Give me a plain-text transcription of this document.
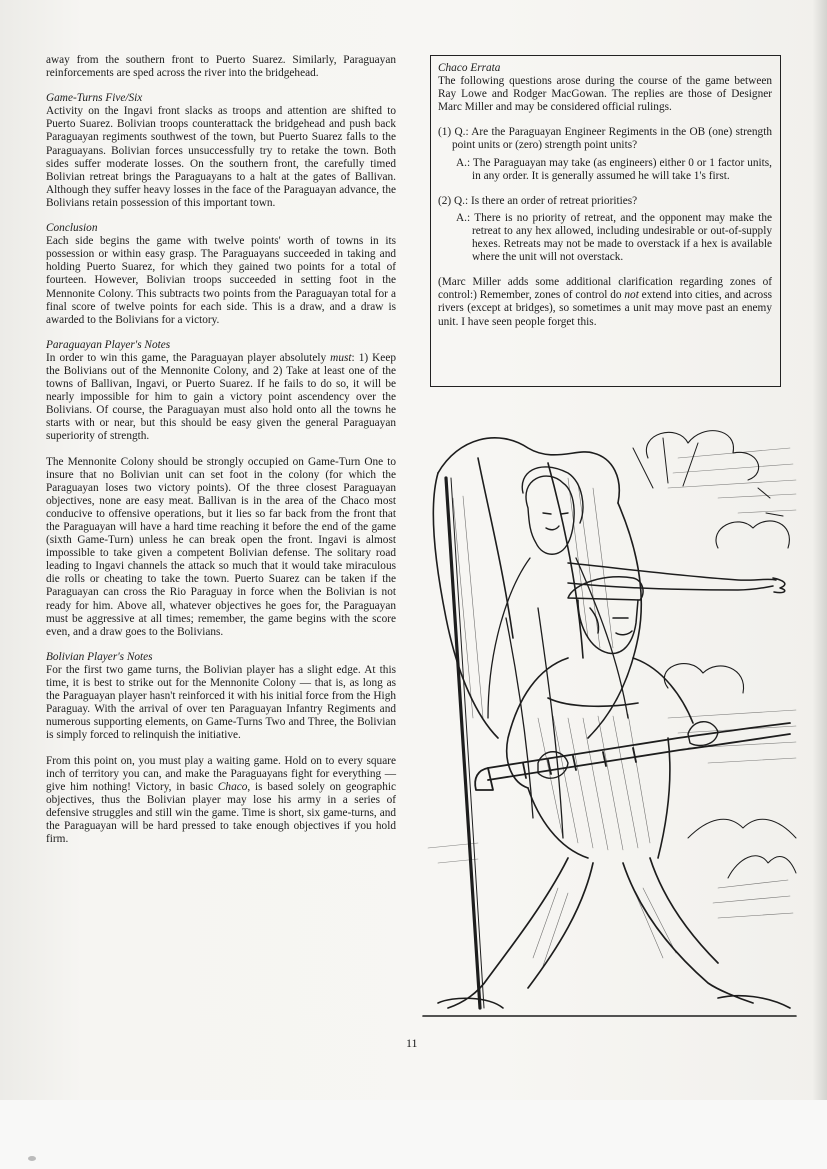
away from the southern front to Puerto Suarez. Similarly, Paraguayan reinforcements are sped across the river into the bridgehead.

Game-Turns Five/Six

Activity on the Ingavi front slacks as troops and attention are shifted to Puerto Suarez. Bolivian troops counterattack the bridgehead and push back Paraguayan regiments southwest of the town, but Puerto Suarez falls to the Paraguayans. Bolivian forces unsuccessfully try to retake the town. Both sides suffer moderate losses. On the southern front, the carefully timed Bolivian retreat brings the Paraguayans to a halt at the gates of Ballivan. Although they suffer heavy losses in the face of the Paraguayan advance, the Bolivians retain possession of this important town.

Conclusion

Each side begins the game with twelve points' worth of towns in its possession or within easy grasp. The Paraguayans succeeded in taking and holding Puerto Suarez, for which they gained two points for a total of fourteen. However, Bolivian troops succeeded in setting foot in the Mennonite Colony. This subtracts two points from the Paraguayan total for a final score of twelve points for each side. This is a draw, and a draw is awarded to the Bolivians for a victory.

Paraguayan Player's Notes

In order to win this game, the Paraguayan player absolutely must: 1) Keep the Bolivians out of the Mennonite Colony, and 2) Take at least one of the towns of Ballivan, Ingavi, or Puerto Suarez. If he fails to do so, it will be nearly impossible for him to gain a victory point ascendency over the Bolivians. Of course, the Paraguayan must also hold onto all the towns he starts with or near, but this should be easy given the general Paraguayan superiority of strength.

The Mennonite Colony should be strongly occupied on Game-Turn One to insure that no Bolivian unit can set foot in the colony (for which the Paraguayan loses two victory points). Of the three closest Paraguayan objectives, none are easy meat. Ballivan is in the area of the Chaco most conducive to offensive operations, but it lies so far back from the front that the Paraguayan will have a hard time reaching it before the end of the game (sixth Game-Turn) unless he can break open the front. Ingavi is almost impossible to take given a competent Bolivian defense. The solitary road leading to Ingavi channels the attack so much that it would take miraculous die rolls or cheating to take the town. Puerto Suarez can be taken if the Paraguayan can cross the Rio Paraguay in force when the Bolivian is not ready for him. Above all, whatever objectives he goes for, the Paraguayan must be aggressive at all times; remember, the game begins with the score even, and a draw goes to the Bolivians.

Bolivian Player's Notes

For the first two game turns, the Bolivian player has a slight edge. At this time, it is best to strike out for the Mennonite Colony — that is, as long as the Paraguayan player hasn't reinforced it with his initial force from the High Paraguay. With the arrival of over ten Paraguayan Infantry Regiments and numerous supporting elements, on Game-Turns Two and Three, the Bolivian is simply forced to relinquish the initiative.

From this point on, you must play a waiting game. Hold on to every square inch of territory you can, and make the Paraguayans fight for everything — give him nothing! Victory, in basic Chaco, is based solely on geographic objectives, thus the Bolivian player may lose his army in a series of defensive struggles and still win the game. Time is short, six game-turns, and the Paraguayan will be hard pressed to take enough objectives if you hold firm.

Chaco Errata

The following questions arose during the course of the game between Ray Lowe and Rodger MacGowan. The replies are those of Designer Marc Miller and may be considered official rulings.

(1) Q.: Are the Paraguayan Engineer Regiments in the OB (one) strength point units or (zero) strength point units?

A.: The Paraguayan may take (as engineers) either 0 or 1 factor units, in any order. It is generally assumed he will take 1's first.

(2) Q.: Is there an order of retreat priorities?

A.: There is no priority of retreat, and the opponent may make the retreat to any hex allowed, including undesirable or out-of-supply hexes. Retreats may not be made to overstack if a hex is available where the unit will not overstack.

(Marc Miller adds some additional clarification regarding zones of control:) Remember, zones of control do not extend into cities, and across rivers (except at bridges), so sometimes a unit may move past an enemy unit. I have seen people forget this.

11
